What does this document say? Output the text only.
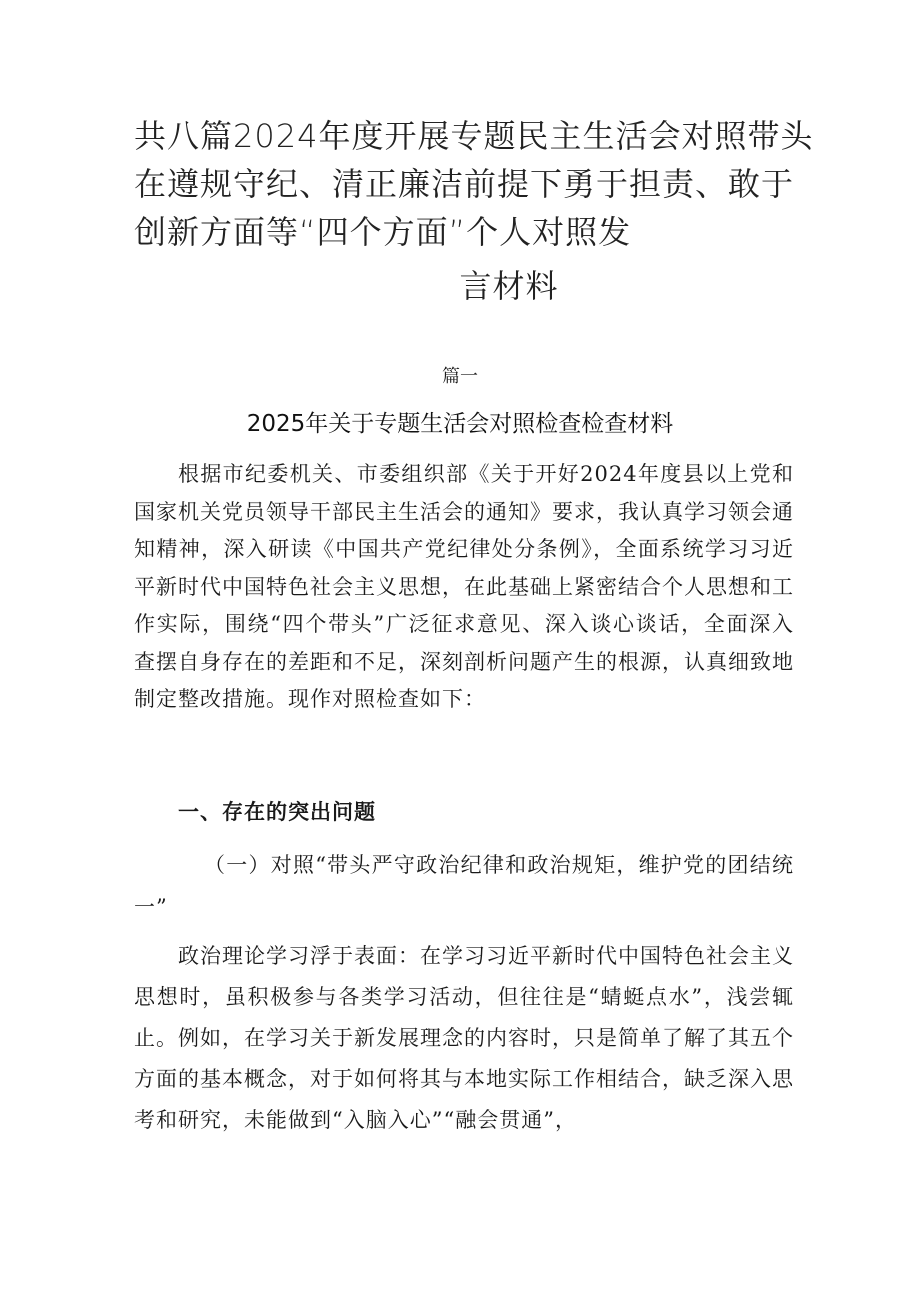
共八篇2024年度开展专题民主生活会对照带头
在遵规守纪、清正廉洁前提下勇于担责、敢于
创新方面等“四个方面”个人对照发
言材料
篇一
2025年关于专题生活会对照检查检查材料
根据市纪委机关、市委组织部《关于开好2024年度县以上党和国家机关党员领导干部民主生活会的通知》要求，我认真学习领会通知精神，深入研读《中国共产党纪律处分条例》，全面系统学习习近平新时代中国特色社会主义思想，在此基础上紧密结合个人思想和工作实际，围绕“四个带头”广泛征求意见、深入谈心谈话，全面深入查摆自身存在的差距和不足，深刻剖析问题产生的根源，认真细致地制定整改措施。现作对照检查如下：
一、存在的突出问题
（一）对照“带头严守政治纪律和政治规矩，维护党的团结统一”
政治理论学习浮于表面：在学习习近平新时代中国特色社会主义思想时，虽积极参与各类学习活动，但往往是“蜻蜓点水”，浅尝辄止。例如，在学习关于新发展理念的内容时，只是简单了解了其五个方面的基本概念，对于如何将其与本地实际工作相结合，缺乏深入思考和研究，未能做到“入脑入心”“融会贯通”，
